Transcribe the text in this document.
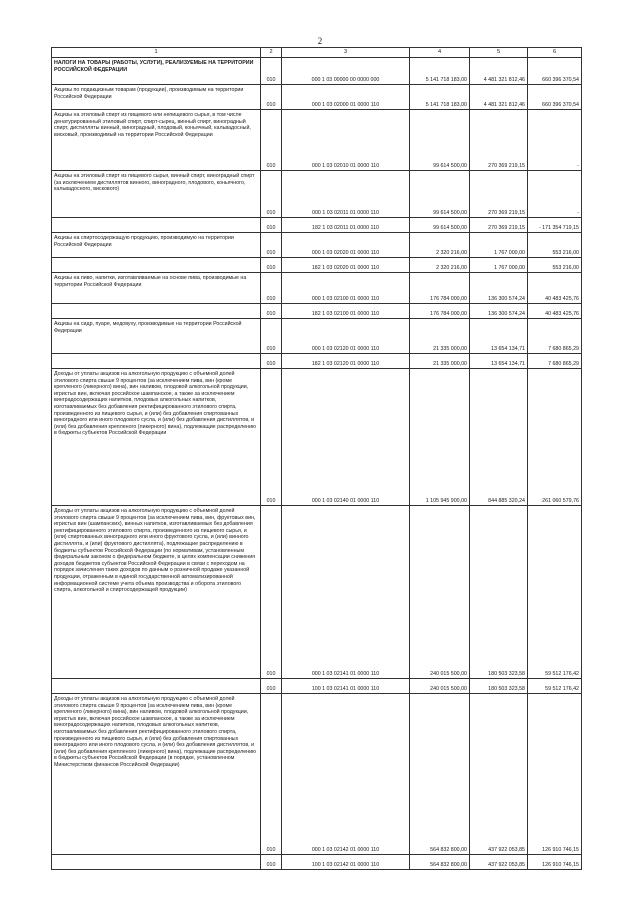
2
1	2	3	4	5	6
НАЛОГИ НА ТОВАРЫ (РАБОТЫ, УСЛУГИ), РЕАЛИЗУЕМЫЕ НА ТЕРРИТОРИИ РОССИЙСКОЙ ФЕДЕРАЦИИ	010	000 1 03 00000 00 0000 000	5 141 718 183,00	4 481 321 812,46	660 396 370,54
Акцизы по подакцизным товарам (продукции), производимым на территории Российской Федерации	010	000 1 03 02000 01 0000 110	5 141 718 183,00	4 481 321 812,46	660 396 370,54
Акцизы на этиловый спирт из пищевого или непищевого сырья, в том числе денатурированный этиловый спирт, спирт-сырец, винный спирт, виноградный спирт, дистилляты винный, виноградный, плодовый, коньячный, кальвадосный, висковый, производимый на территории Российской Федерации	010	000 1 03 02010 01 0000 110	99 614 500,00	270 369 219,15	-
Акцизы на этиловый спирт из пищевого сырья, винный спирт, виноградный спирт (за исключением дистиллятов винного, виноградного, плодового, коньячного, кальвадосного, вискового)	010	000 1 03 02011 01 0000 110	99 614 500,00	270 369 219,15	-
	010	182 1 03 02011 01 0000 110	99 614 500,00	270 369 219,15	- 171 354 719,15
Акцизы на спиртосодержащую продукцию, производимую на территории Российской Федерации	010	000 1 03 02020 01 0000 110	2 320 216,00	1 767 000,00	553 216,00
	010	182 1 03 02020 01 0000 110	2 320 216,00	1 767 000,00	553 216,00
Акцизы на пиво, напитки, изготавливаемые на основе пива, производимые на территории Российской Федерации	010	000 1 03 02100 01 0000 110	176 784 000,00	136 300 574,24	40 483 425,76
	010	182 1 03 02100 01 0000 110	176 784 000,00	136 300 574,24	40 483 425,76
Акцизы на сидр, пуаре, медовуху, производимые на территории Российской Федерации	010	000 1 03 02120 01 0000 110	21 335 000,00	13 654 134,71	7 680 865,29
	010	182 1 03 02120 01 0000 110	21 335 000,00	13 654 134,71	7 680 865,29
Доходы от уплаты акцизов на алкогольную продукцию с объемной долей этилового спирта свыше 9 процентов (за исключением пива, вин (кроме крепленого (ликерного) вина), вин наливом, плодовой алкогольной продукции, игристых вин, включая российское шампанское, а также за исключением винградосодержащих напитков, плодовых алкогольных напитков, изготавливаемых без добавления ректифицированного этилового спирта, произведенного из пищевого сырья, и (или) без добавления спиртованных виноградного или иного плодового сусла, и (или) без добавления дистиллятов, и (или) без добавления крепленого (ликерного) вина), подлежащие распределению в бюджеты субъектов Российской Федерации	010	000 1 03 02140 01 0000 110	1 105 945 900,00	844 885 320,24	261 060 579,76
Доходы от уплаты акцизов на алкогольную продукцию с объемной долей этилового спирта свыше 9 процентов (за исключением пива, вин, фруктовых вин, игристых вин (шампанских), винных напитков, изготавливаемых без добавления ректифицированного этилового спирта, произведенного из пищевого сырья, и (или) спиртованных виноградного или иного фруктового сусла, и (или) винного дистиллята, и (или) фруктового дистиллята), подлежащие распределению в бюджеты субъектов Российской Федерации (по нормативам, установленным федеральным законом о федеральном бюджете, в целях компенсации снижения доходов бюджетов субъектов Российской Федерации в связи с переходом на порядок зачисления таких доходов по данным о розничной продаже указанной продукции, отраженным в единой государственной автоматизированной информационной системе учета объема производства и оборота этилового спирта, алкогольной и спиртосодержащей продукции)	010	000 1 03 02141 01 0000 110	240 015 500,00	180 503 323,58	59 512 176,42
	010	100 1 03 02141 01 0000 110	240 015 500,00	180 503 323,58	59 512 176,42
Доходы от уплаты акцизов на алкогольную продукцию с объемной долей этилового спирта свыше 9 процентов (за исключением пива, вин (кроме крепленого (ликерного) вина), вин наливом, плодовой алкогольной продукции, игристых вин, включая российское шампанское, а также за исключением виноградосодержащих напитков, плодовых алкогольных напитков, изготавливаемых без добавления ректифицированного этилового спирта, произведенного из пищевого сырья, и (или) без добавления спиртованных виноградного или иного плодового сусла, и (или) без добавления дистиллятов, и (или) без добавления крепленого (ликерного) вина), подлежащие распределению в бюджеты субъектов Российской Федерации (в порядке, установленном Министерством финансов Российской Федерации)	010	000 1 03 02142 01 0000 110	564 832 800,00	437 922 053,85	126 910 746,15
	010	100 1 03 02142 01 0000 110	564 832 800,00	437 922 053,85	126 910 746,15
